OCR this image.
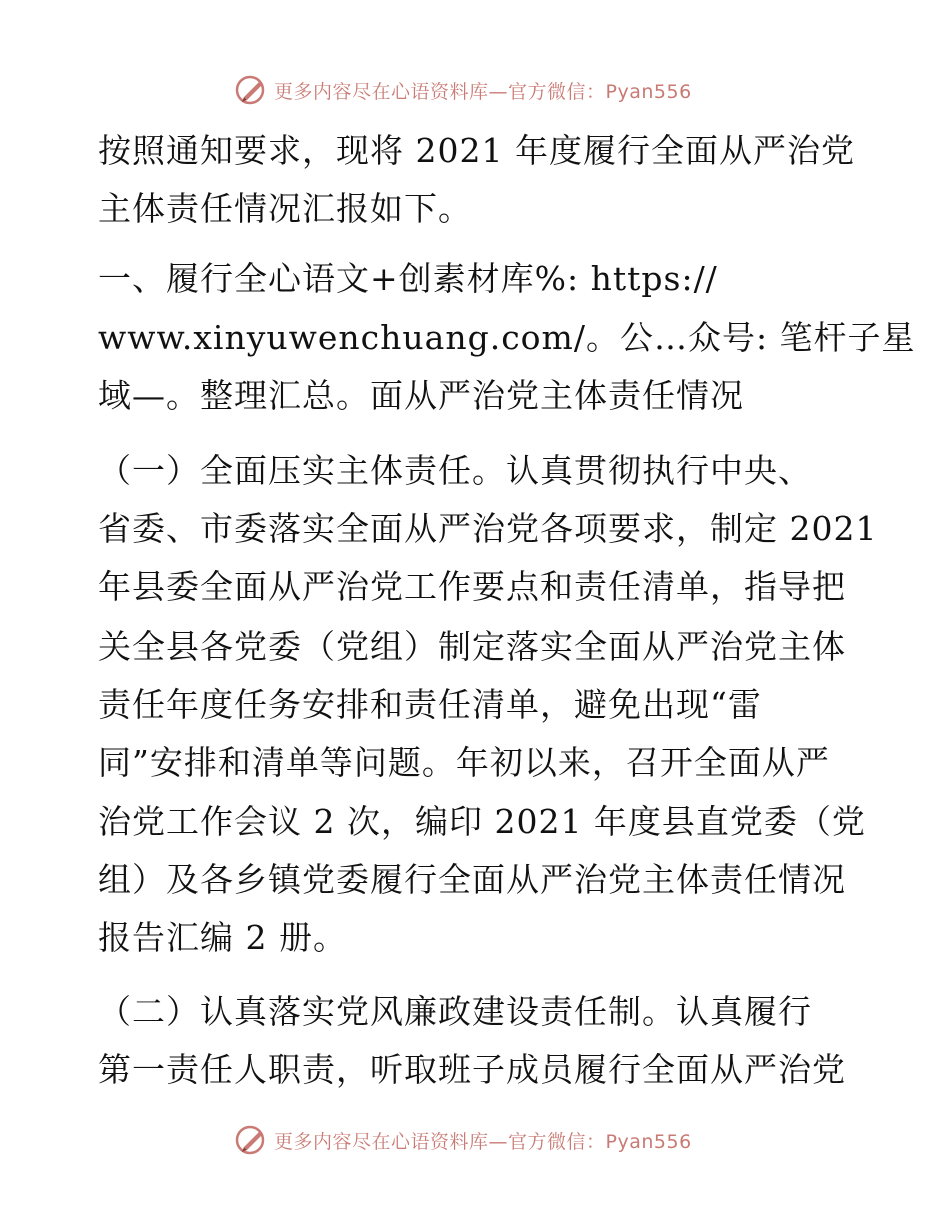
更多内容尽在心语资料库—官方微信：Pyan556
按照通知要求，现将 2021 年度履行全面从严治党
主体责任情况汇报如下。
一、履行全心语文+创素材库%: https://
www.xinyuwenchuang.com/。公…众号: 笔杆子星
域—。整理汇总。面从严治党主体责任情况
（一）全面压实主体责任。认真贯彻执行中央、
省委、市委落实全面从严治党各项要求，制定 2021
年县委全面从严治党工作要点和责任清单，指导把
关全县各党委（党组）制定落实全面从严治党主体
责任年度任务安排和责任清单，避免出现“雷
同”安排和清单等问题。年初以来，召开全面从严
治党工作会议 2 次，编印 2021 年度县直党委（党
组）及各乡镇党委履行全面从严治党主体责任情况
报告汇编 2 册。
（二）认真落实党风廉政建设责任制。认真履行
第一责任人职责，听取班子成员履行全面从严治党
更多内容尽在心语资料库—官方微信：Pyan556
